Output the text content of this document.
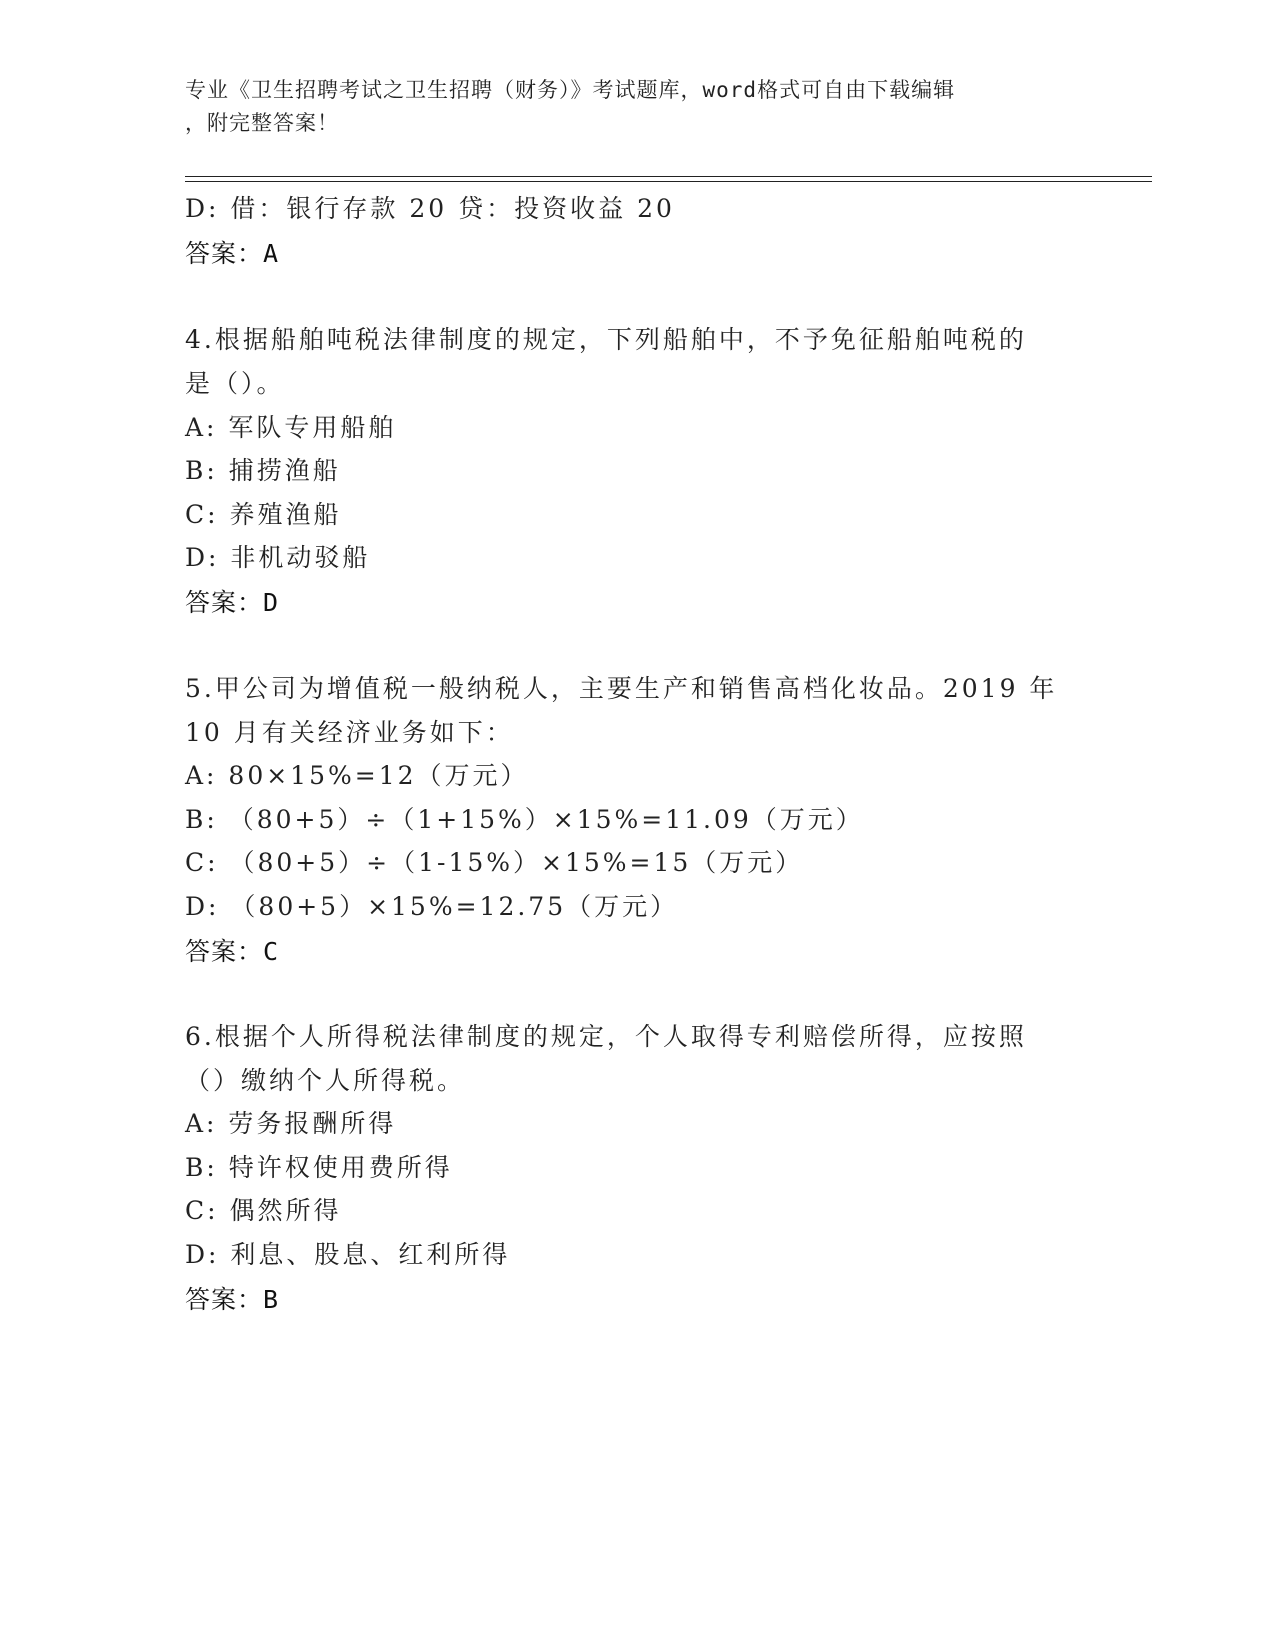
专业《卫生招聘考试之卫生招聘（财务）》考试题库，word格式可自由下载编辑
，附完整答案！
D: 借：银行存款 20 贷：投资收益 20
答案：A
4.根据船舶吨税法律制度的规定，下列船舶中，不予免征船舶吨税的
是（）。
A: 军队专用船舶
B: 捕捞渔船
C: 养殖渔船
D: 非机动驳船
答案：D
5.甲公司为增值税一般纳税人，主要生产和销售高档化妆品。2019 年
10 月有关经济业务如下：
A: 80×15%=12（万元）
B: （80+5）÷（1+15%）×15%=11.09（万元）
C: （80+5）÷（1-15%）×15%=15（万元）
D: （80+5）×15%=12.75（万元）
答案：C
6.根据个人所得税法律制度的规定，个人取得专利赔偿所得，应按照
（）缴纳个人所得税。
A: 劳务报酬所得
B: 特许权使用费所得
C: 偶然所得
D: 利息、股息、红利所得
答案：B
